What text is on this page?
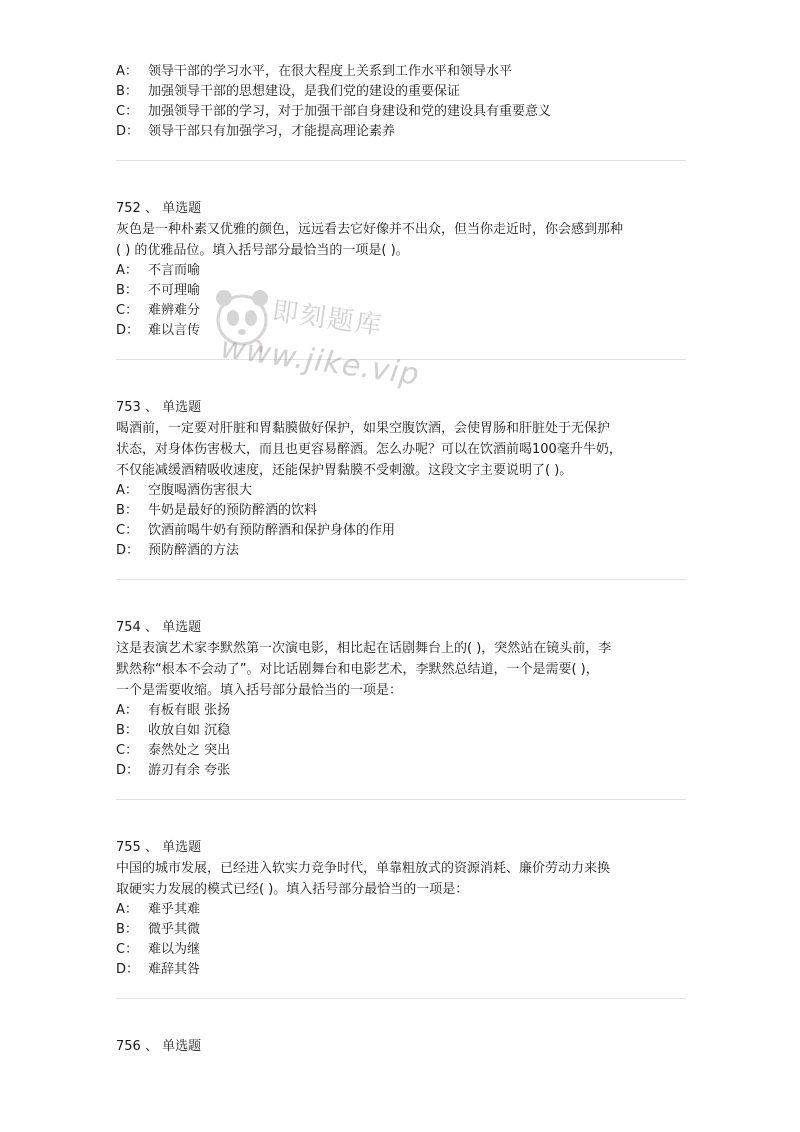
A： 领导干部的学习水平，在很大程度上关系到工作水平和领导水平
B： 加强领导干部的思想建设，是我们党的建设的重要保证
C： 加强领导干部的学习，对于加强干部自身建设和党的建设具有重要意义
D： 领导干部只有加强学习，才能提高理论素养
752 、 单选题
灰色是一种朴素又优雅的颜色，远远看去它好像并不出众，但当你走近时，你会感到那种
( ) 的优雅品位。填入括号部分最恰当的一项是( )。
A： 不言而喻
B： 不可理喻
C： 难辨难分
D： 难以言传
753 、 单选题
喝酒前，一定要对肝脏和胃黏膜做好保护，如果空腹饮酒，会使胃肠和肝脏处于无保护
状态，对身体伤害极大，而且也更容易醉酒。怎么办呢？可以在饮酒前喝100毫升牛奶，
不仅能减缓酒精吸收速度，还能保护胃黏膜不受刺激。这段文字主要说明了( )。
A： 空腹喝酒伤害很大
B： 牛奶是最好的预防醉酒的饮料
C： 饮酒前喝牛奶有预防醉酒和保护身体的作用
D： 预防醉酒的方法
754 、 单选题
这是表演艺术家李默然第一次演电影，相比起在话剧舞台上的( )，突然站在镜头前，李
默然称“根本不会动了”。对比话剧舞台和电影艺术，李默然总结道，一个是需要( )，
一个是需要收缩。填入括号部分最恰当的一项是：
A： 有板有眼 张扬
B： 收放自如 沉稳
C： 泰然处之 突出
D： 游刃有余 夸张
755 、 单选题
中国的城市发展，已经进入软实力竞争时代，单靠粗放式的资源消耗、廉价劳动力来换
取硬实力发展的模式已经( )。填入括号部分最恰当的一项是：
A： 难乎其难
B： 微乎其微
C： 难以为继
D： 难辞其咎
756 、 单选题
即刻题库
www.jike.vip
